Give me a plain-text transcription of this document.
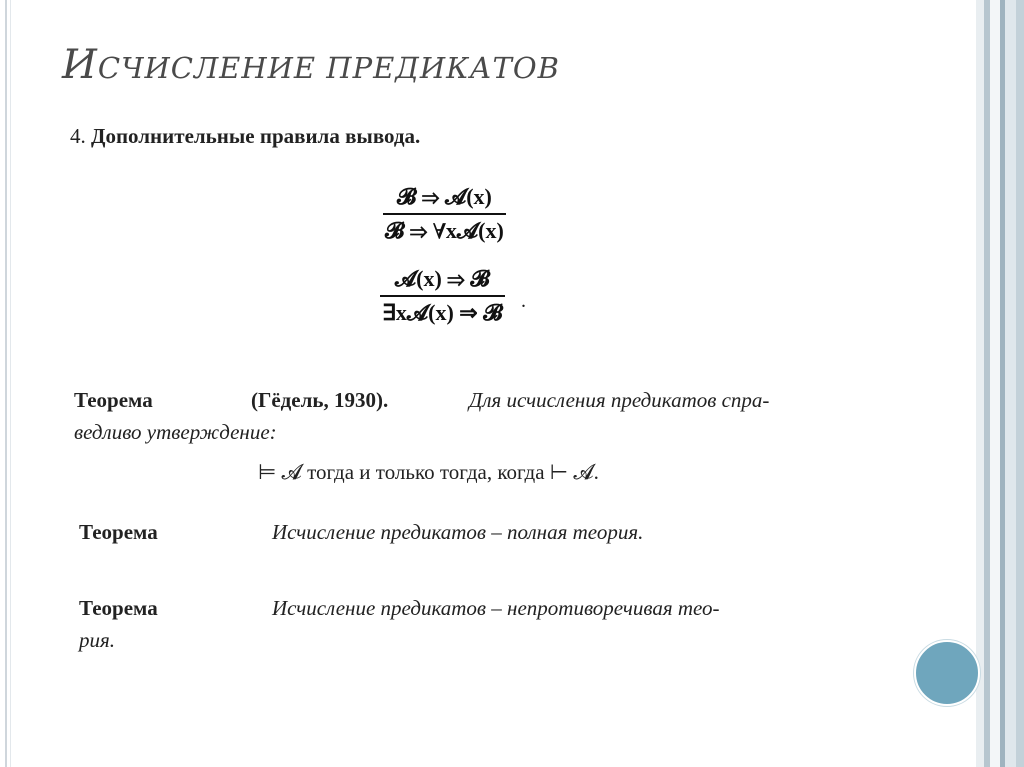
ИСЧИСЛЕНИЕ ПРЕДИКАТОВ
4. Дополнительные правила вывода.
𝓑 ⇒ 𝓐(x)
𝓑 ⇒ ∀x𝓐(x)
𝓐(x) ⇒ 𝓑
∃x𝓐(x) ⇒ 𝓑 .
Теорема	(Гёдель, 1930).	Для исчисления предикатов спра-
ведливо утверждение:
⊨ 𝓐 тогда и только тогда, когда ⊢ 𝓐.
Теорема	Исчисление предикатов – полная теория.
Теорема	Исчисление предикатов – непротиворечивая тео-
рия.
